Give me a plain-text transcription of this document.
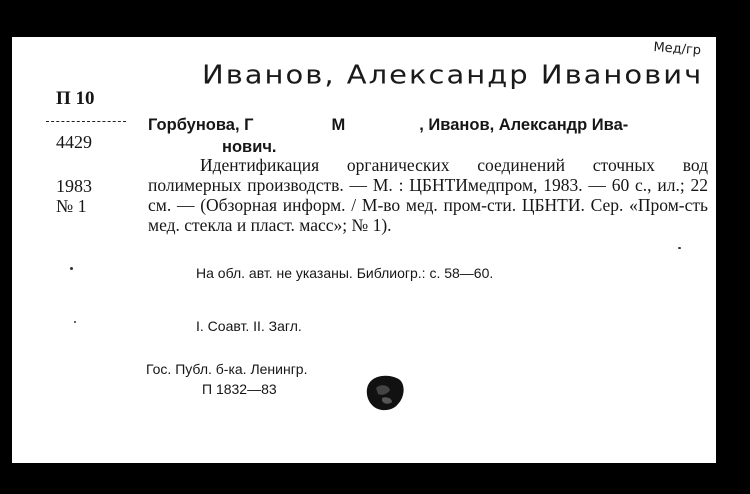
Иванов, Александр Иванович
Мед/гр
П 10
4429
1983
№ 1
Горбунова, Г	М	, Иванов, Александр Ива-
нович.
Идентификация органических соединений сточных вод полимерных производств. — М. : ЦБНТИмедпром, 1983. — 60 с., ил.; 22 см. — (Обзорная информ. / М-во мед. пром-сти. ЦБНТИ. Сер. «Пром-сть мед. стекла и пласт. масс»; № 1).
На обл. авт. не указаны. Библиогр.: с. 58—60.
I. Соавт. II. Загл.
Гос. Публ. б-ка. Ленингр.
П 1832—83
